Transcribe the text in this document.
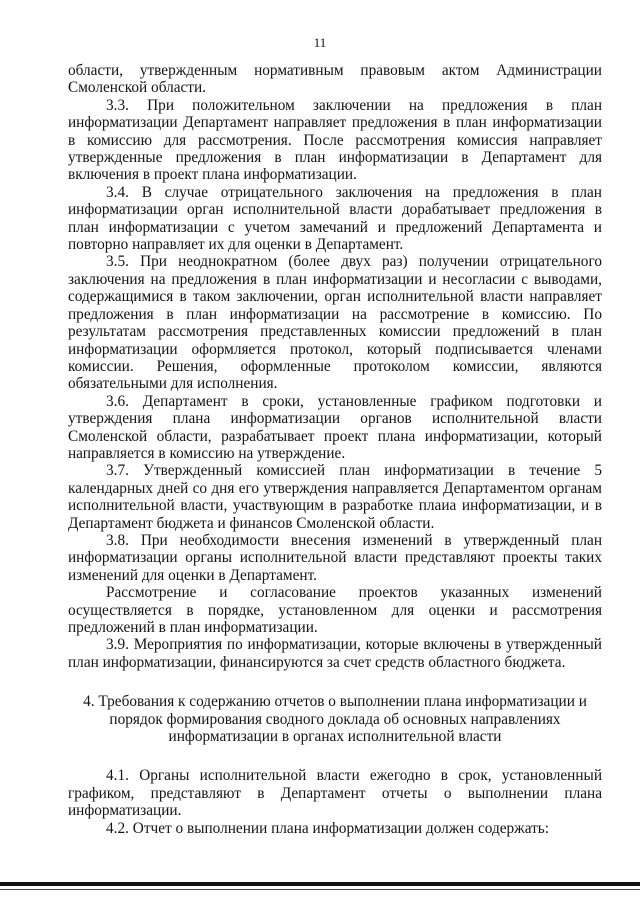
11

области, утвержденным нормативным правовым актом Администрации Смоленской области.

3.3. При положительном заключении на предложения в план информатизации Департамент направляет предложения в план информатизации в комиссию для рассмотрения. После рассмотрения комиссия направляет утвержденные предложения в план информатизации в Департамент для включения в проект плана информатизации.

3.4. В случае отрицательного заключения на предложения в план информатизации орган исполнительной власти дорабатывает предложения в план информатизации с учетом замечаний и предложений Департамента и повторно направляет их для оценки в Департамент.

3.5. При неоднократном (более двух раз) получении отрицательного заключения на предложения в план информатизации и несогласии с выводами, содержащимися в таком заключении, орган исполнительной власти направляет предложения в план информатизации на рассмотрение в комиссию. По результатам рассмотрения представленных комиссии предложений в план информатизации оформляется протокол, который подписывается членами комиссии. Решения, оформленные протоколом комиссии, являются обязательными для исполнения.

3.6. Департамент в сроки, установленные графиком подготовки и утверждения плана информатизации органов исполнительной власти Смоленской области, разрабатывает проект плана информатизации, который направляется в комиссию на утверждение.

3.7. Утвержденный комиссией план информатизации в течение 5 календарных дней со дня его утверждения направляется Департаментом органам исполнительной власти, участвующим в разработке плаиа информатизации, и в Департамент бюджета и финансов Смоленской области.

3.8. При необходимости внесения изменений в утвержденный план информатизации органы исполнительной власти представляют проекты таких изменений для оценки в Департамент.

Рассмотрение и согласование проектов указанных изменений осуществляется в порядке, установленном для оценки и рассмотрения предложений в план информатизации.

3.9. Мероприятия по информатизации, которые включены в утвержденный план информатизации, финансируются за счет средств областного бюджета.

4. Требования к содержанию отчетов о выполнении плана информатизации и порядок формирования сводного доклада об основных направлениях информатизации в органах исполнительной власти

4.1. Органы исполнительной власти ежегодно в срок, установленный графиком, представляют в Департамент отчеты о выполнении плана информатизации.

4.2. Отчет о выполнении плана информатизации должен содержать:
